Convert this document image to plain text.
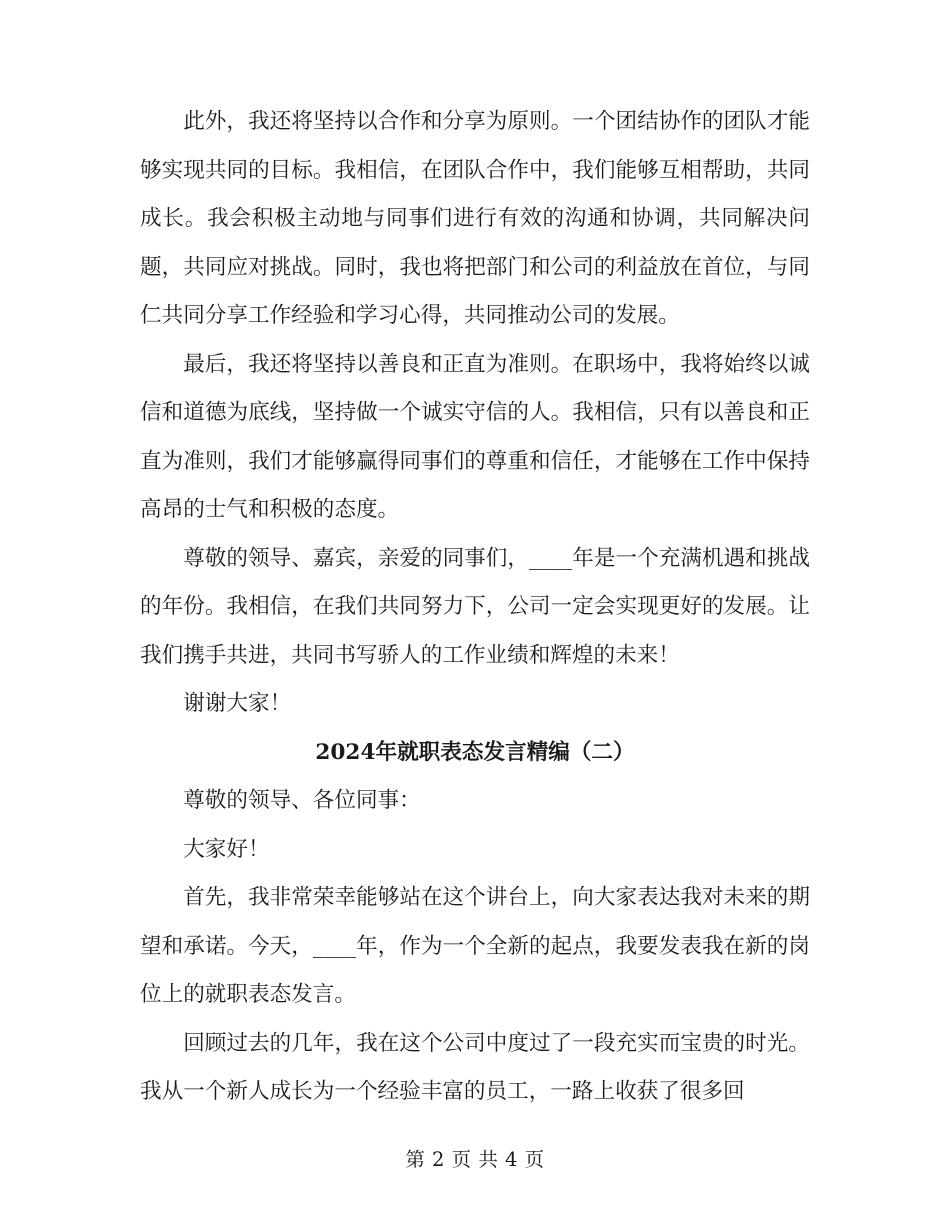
此外，我还将坚持以合作和分享为原则。一个团结协作的团队才能够实现共同的目标。我相信，在团队合作中，我们能够互相帮助，共同成长。我会积极主动地与同事们进行有效的沟通和协调，共同解决问题，共同应对挑战。同时，我也将把部门和公司的利益放在首位，与同仁共同分享工作经验和学习心得，共同推动公司的发展。

最后，我还将坚持以善良和正直为准则。在职场中，我将始终以诚信和道德为底线，坚持做一个诚实守信的人。我相信，只有以善良和正直为准则，我们才能够赢得同事们的尊重和信任，才能够在工作中保持高昂的士气和积极的态度。

尊敬的领导、嘉宾，亲爱的同事们，____年是一个充满机遇和挑战的年份。我相信，在我们共同努力下，公司一定会实现更好的发展。让我们携手共进，共同书写骄人的工作业绩和辉煌的未来！

谢谢大家！

2024年就职表态发言精编（二）

尊敬的领导、各位同事：

大家好！

首先，我非常荣幸能够站在这个讲台上，向大家表达我对未来的期望和承诺。今天，____年，作为一个全新的起点，我要发表我在新的岗位上的就职表态发言。

回顾过去的几年，我在这个公司中度过了一段充实而宝贵的时光。我从一个新人成长为一个经验丰富的员工，一路上收获了很多回

第 2 页 共 4 页
